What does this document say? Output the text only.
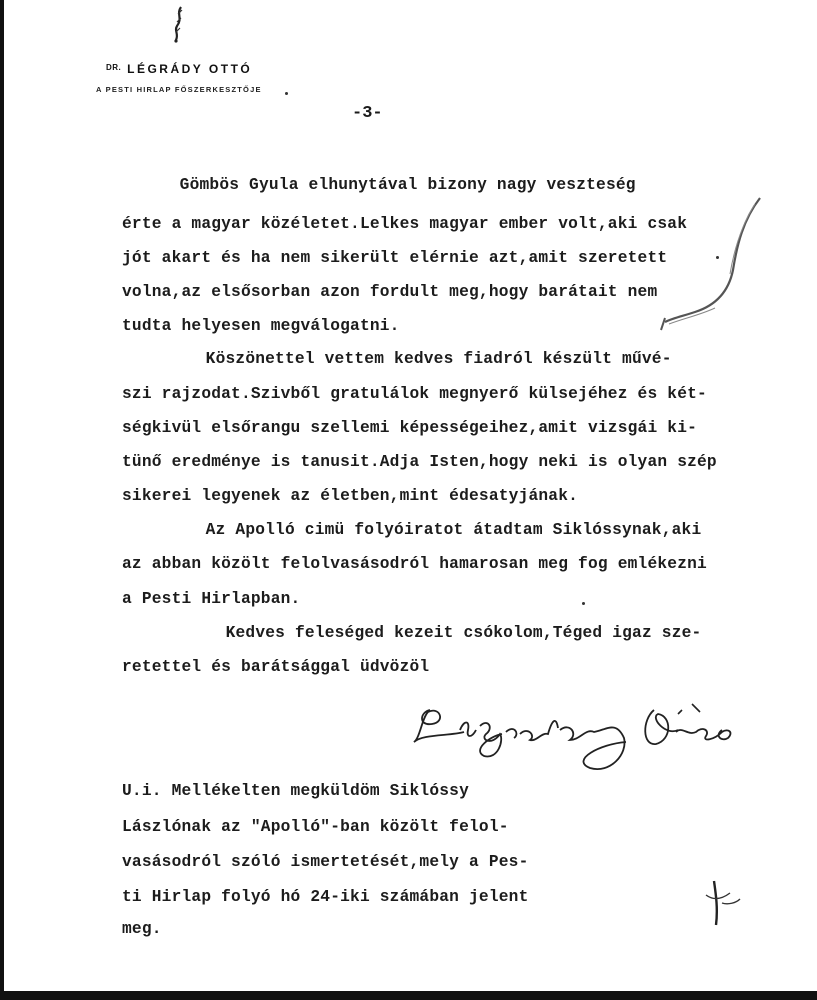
$^{DR.}$ LÉGRÁDY OTTÓ
A PESTI HIRLAP FŐSZERKESZTŐJE
-3-
Gömbös Gyula elhunytával bizony nagy veszteség
érte a magyar közéletet.Lelkes magyar ember volt,aki csak
jót akart és ha nem sikerült elérnie azt,amit szeretett
volna,az elsősorban azon fordult meg,hogy barátait nem
tudta helyesen megválogatni.
Köszönettel vettem kedves fiadról készült művé-
szi rajzodat.Szivből gratulálok megnyerő külsejéhez és két-
ségkivül elsőrangu szellemi képességeihez,amit vizsgái ki-
tünő eredménye is tanusit.Adja Isten,hogy neki is olyan szép
sikerei legyenek az életben,mint édesatyjának.
Az Apolló cimü folyóiratot átadtam Siklóssynak,aki
az abban közölt felolvasásodról hamarosan meg fog emlékezni
a Pesti Hirlapban.
Kedves feleséged kezeit csókolom,Téged igaz sze-
retettel és barátsággal üdvözöl
U.i. Mellékelten megküldöm Siklóssy
Lászlónak az "Apolló"-ban közölt felol-
vasásodról szóló ismertetését,mely a Pes-
ti Hirlap folyó hó 24-iki számában jelent
meg.
